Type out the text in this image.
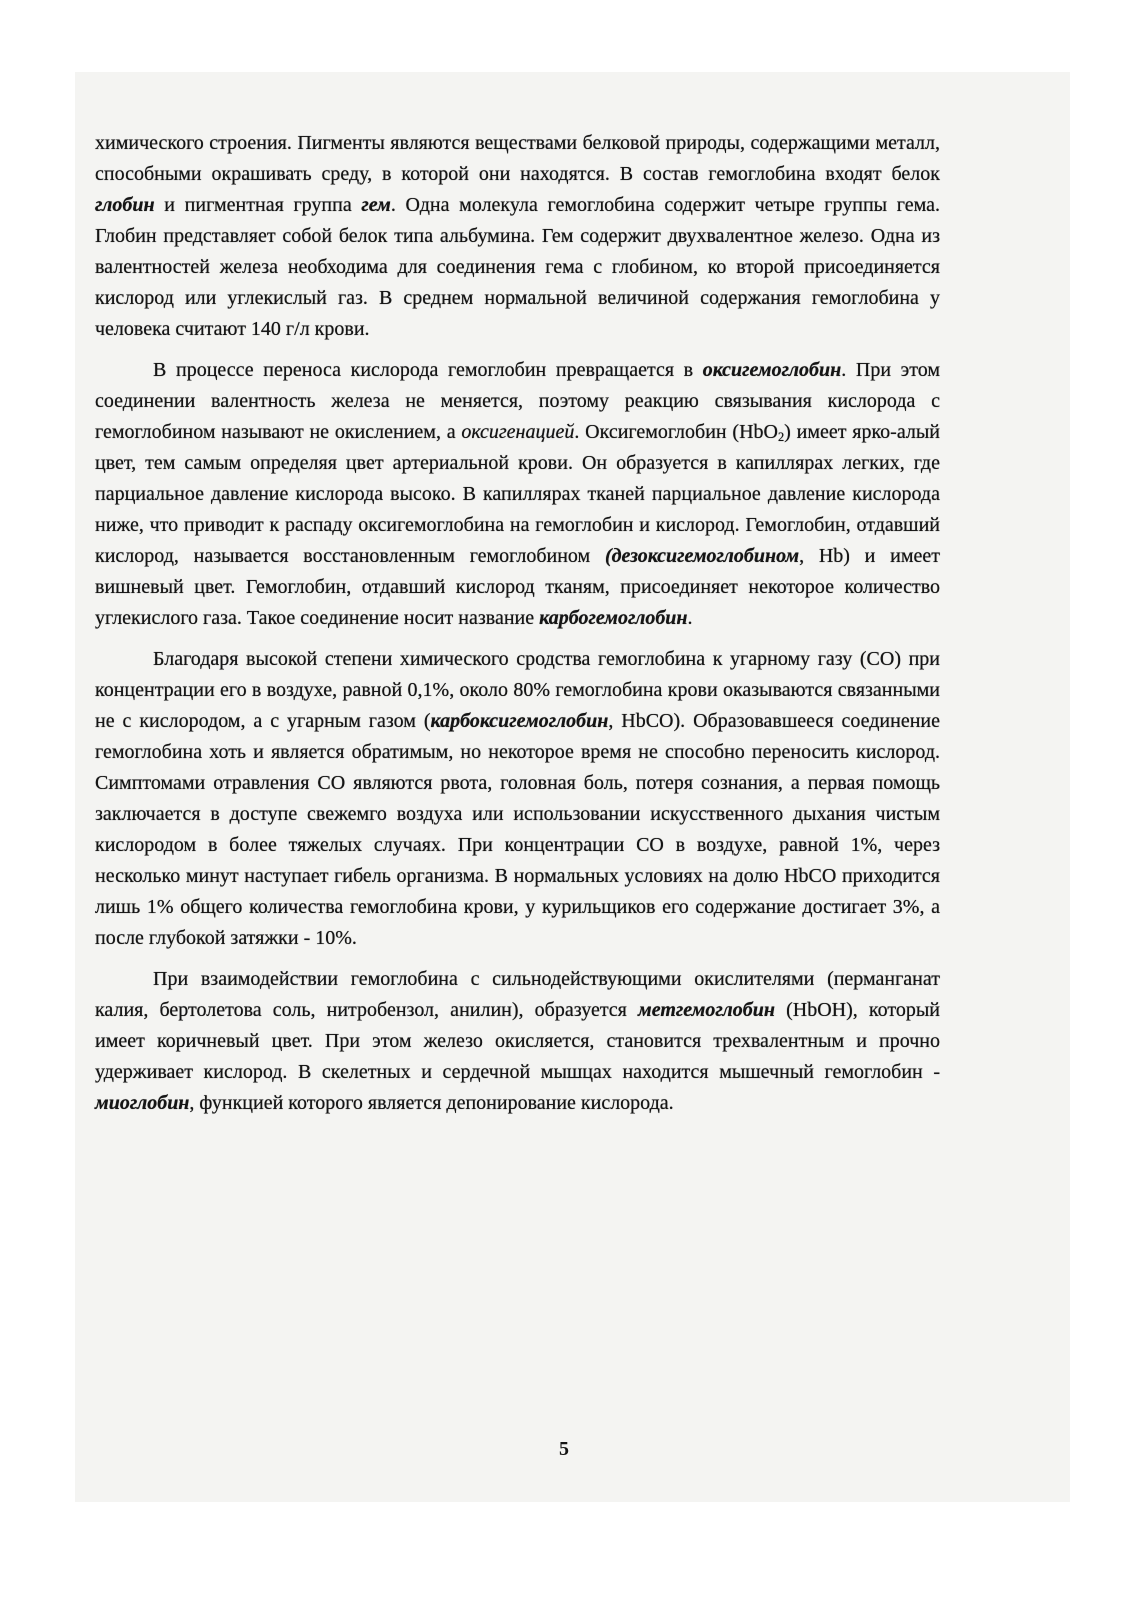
химического строения. Пигменты являются веществами белковой природы, содержащими металл, способными окрашивать среду, в которой они находятся. В состав гемоглобина входят белок глобин и пигментная группа гем. Одна молекула гемоглобина содержит четыре группы гема. Глобин представляет собой белок типа альбумина. Гем содержит двухвалентное железо. Одна из валентностей железа необходима для соединения гема с глобином, ко второй присоединяется кислород или углекислый газ. В среднем нормальной величиной содержания гемоглобина у человека считают 140 г/л крови.

В процессе переноса кислорода гемоглобин превращается в оксигемоглобин. При этом соединении валентность железа не меняется, поэтому реакцию связывания кислорода с гемоглобином называют не окислением, а оксигенацией. Оксигемоглобин (HbO$_2$) имеет ярко-алый цвет, тем самым определяя цвет артериальной крови. Он образуется в капиллярах легких, где парциальное давление кислорода высоко. В капиллярах тканей парциальное давление кислорода ниже, что приводит к распаду оксигемоглобина на гемоглобин и кислород. Гемоглобин, отдавший кислород, называется восстановленным гемоглобином (дезоксигемоглобином, Hb) и имеет вишневый цвет. Гемоглобин, отдавший кислород тканям, присоединяет некоторое количество углекислого газа. Такое соединение носит название карбогемоглобин.

Благодаря высокой степени химического сродства гемоглобина к угарному газу (СО) при концентрации его в воздухе, равной 0,1%, около 80% гемоглобина крови оказываются связанными не с кислородом, а с угарным газом (карбоксигемоглобин, HbCO). Образовавшееся соединение гемоглобина хоть и является обратимым, но некоторое время не способно переносить кислород. Симптомами отравления СО являются рвота, головная боль, потеря сознания, а первая помощь заключается в доступе свежемго воздуха или использовании искусственного дыхания чистым кислородом в более тяжелых случаях. При концентрации СО в воздухе, равной 1%, через несколько минут наступает гибель организма. В нормальных условиях на долю HbCO приходится лишь 1% общего количества гемоглобина крови, у курильщиков его содержание достигает 3%, а после глубокой затяжки - 10%.

При взаимодействии гемоглобина с сильнодействующими окислителями (перманганат калия, бертолетова соль, нитробензол, анилин), образуется метгемоглобин (HbOH), который имеет коричневый цвет. При этом железо окисляется, становится трехвалентным и прочно удерживает кислород. В скелетных и сердечной мышцах находится мышечный гемоглобин - миоглобин, функцией которого является депонирование кислорода.

5
